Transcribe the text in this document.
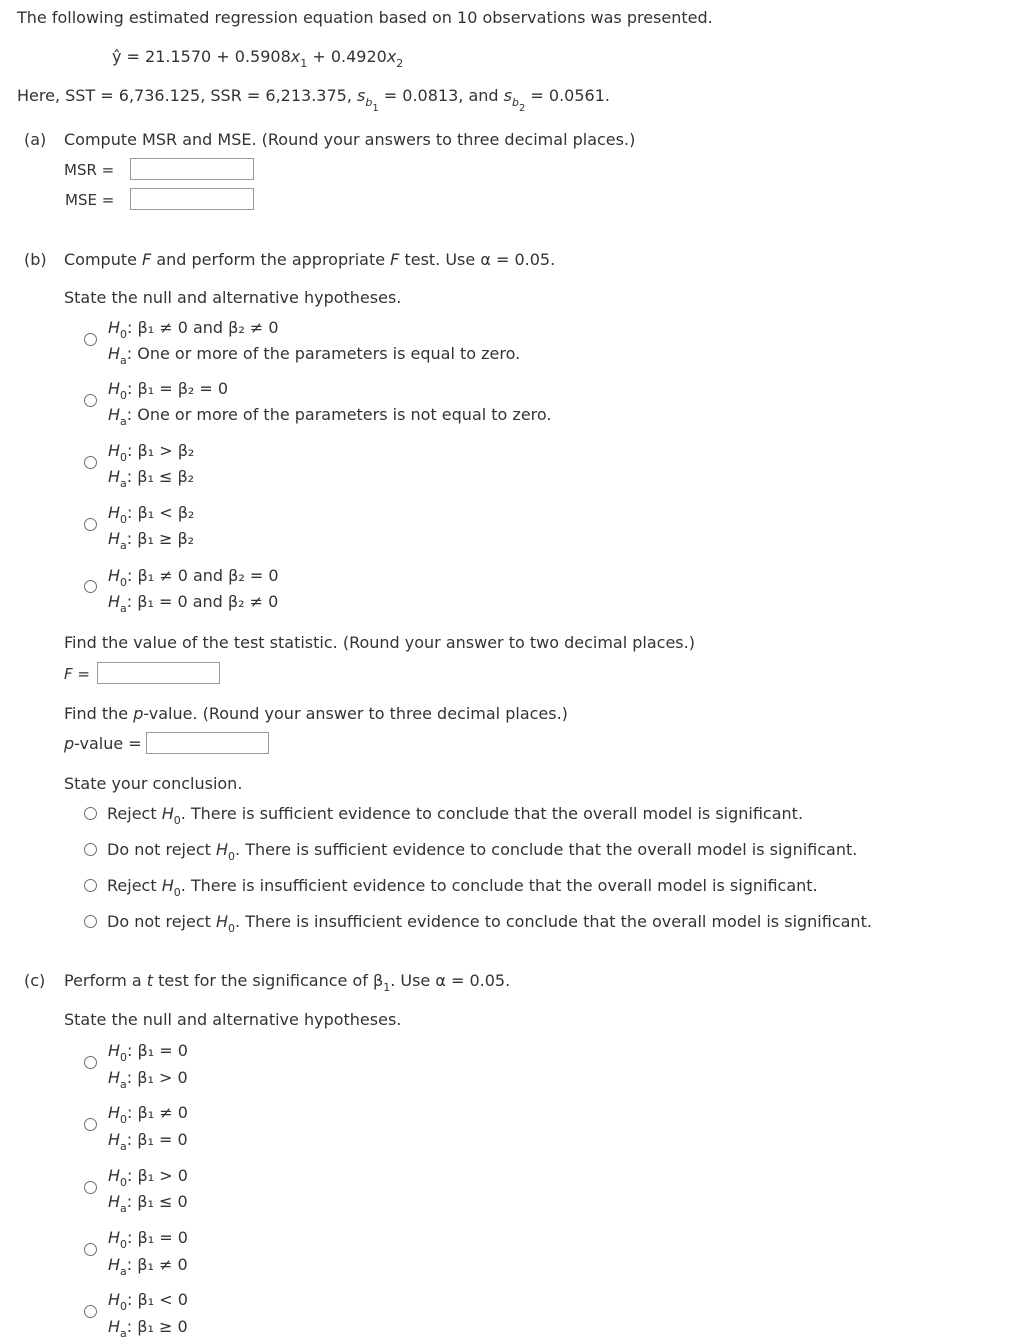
The following estimated regression equation based on 10 observations was presented.
ŷ = $21.1570 + 0.5908x_1 + 0.4920x_2$
Here, SST = 6,736.125, SSR = 6,213.375, $s_{b_1} = 0.0813$, and $s_{b_2} = 0.0561$.
(a) Compute MSR and MSE. (Round your answers to three decimal places.)
MSR =
MSE =
(b) Compute F and perform the appropriate F test. Use α = 0.05.
State the null and alternative hypotheses.
$H_0$: β₁ ≠ 0 and β₂ ≠ 0
$H_a$: One or more of the parameters is equal to zero.
$H_0$: β₁ = β₂ = 0
$H_a$: One or more of the parameters is not equal to zero.
$H_0$: β₁ > β₂
$H_a$: β₁ ≤ β₂
$H_0$: β₁ < β₂
$H_a$: β₁ ≥ β₂
$H_0$: β₁ ≠ 0 and β₂ = 0
$H_a$: β₁ = 0 and β₂ ≠ 0
Find the value of the test statistic. (Round your answer to two decimal places.)
F =
Find the p-value. (Round your answer to three decimal places.)
p-value =
State your conclusion.
Reject $H_0$. There is sufficient evidence to conclude that the overall model is significant.
Do not reject $H_0$. There is sufficient evidence to conclude that the overall model is significant.
Reject $H_0$. There is insufficient evidence to conclude that the overall model is significant.
Do not reject $H_0$. There is insufficient evidence to conclude that the overall model is significant.
(c) Perform a t test for the significance of $\beta_1$. Use α = 0.05.
State the null and alternative hypotheses.
$H_0$: β₁ = 0
$H_a$: β₁ > 0
$H_0$: β₁ ≠ 0
$H_a$: β₁ = 0
$H_0$: β₁ > 0
$H_a$: β₁ ≤ 0
$H_0$: β₁ = 0
$H_a$: β₁ ≠ 0
$H_0$: β₁ < 0
$H_a$: β₁ ≥ 0
